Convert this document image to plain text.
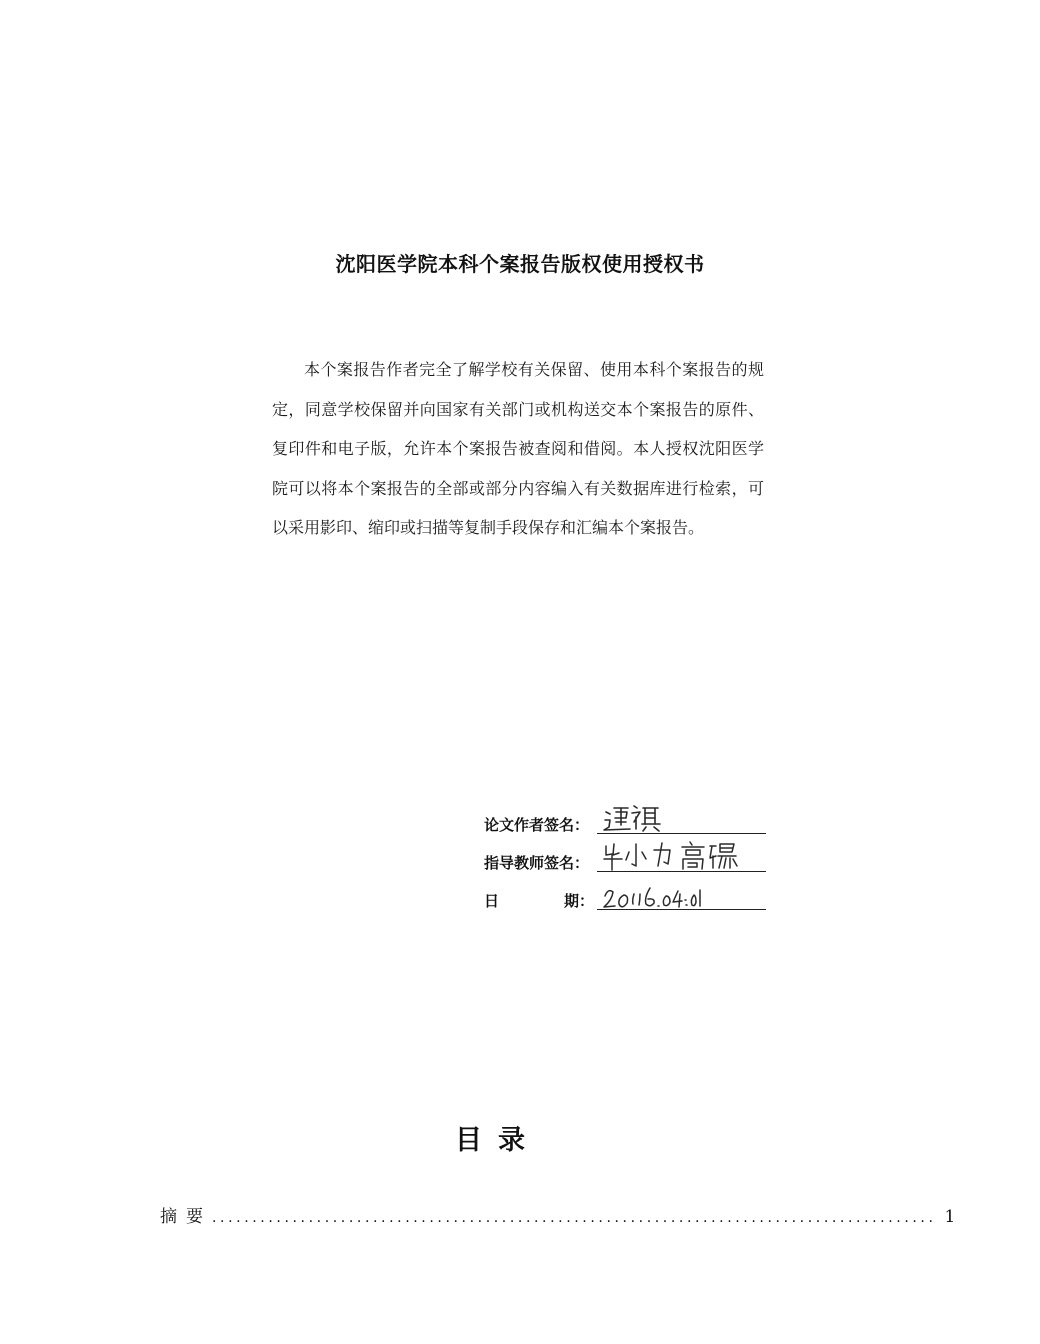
沈阳医学院本科个案报告版权使用授权书

本个案报告作者完全了解学校有关保留、使用本科个案报告的规定，同意学校保留并向国家有关部门或机构送交本个案报告的原件、复印件和电子版，允许本个案报告被查阅和借阅。本人授权沈阳医学院可以将本个案报告的全部或部分内容编入有关数据库进行检索，可以采用影印、缩印或扫描等复制手段保存和汇编本个案报告。

论文作者签名：
指导教师签名：
日	期：
目录
摘要 .......................................................................................... 1
